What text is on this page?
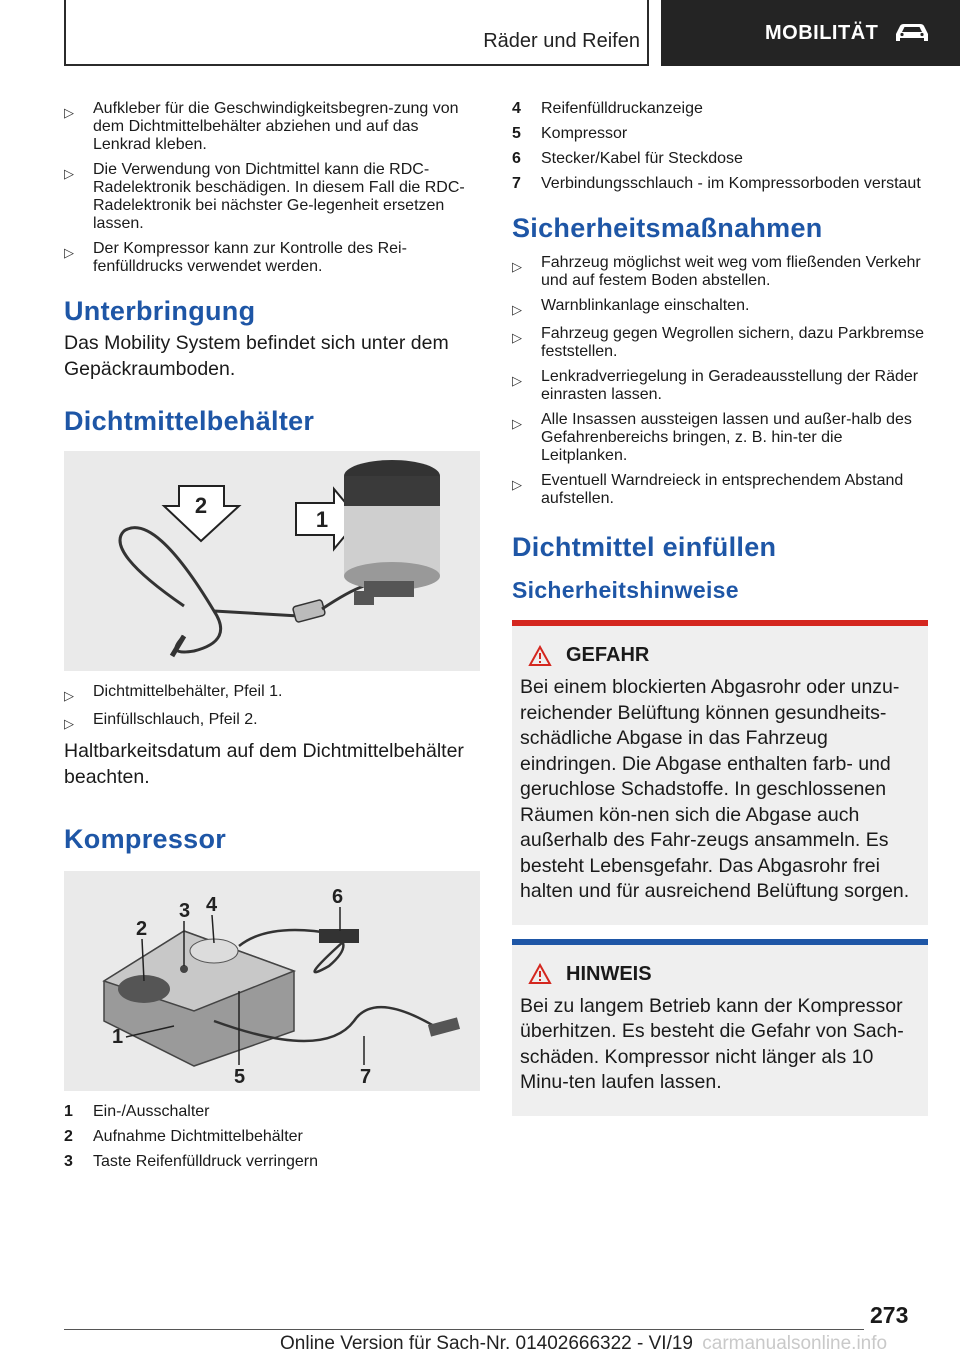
Räder und Reifen	MOBILITÄT
▷	Aufkleber für die Geschwindigkeitsbegren‐zung von dem Dichtmittelbehälter abziehen und auf das Lenkrad kleben.
▷	Die Verwendung von Dichtmittel kann die RDC-Radelektronik beschädigen. In diesem Fall die RDC-Radelektronik bei nächster Ge‐legenheit ersetzen lassen.
▷	Der Kompressor kann zur Kontrolle des Rei‐fenfülldrucks verwendet werden.
Unterbringung

Das Mobility System befindet sich unter dem Gepäckraumboden.

Dichtmittelbehälter
2
1
▷	Dichtmittelbehälter, Pfeil 1.
▷	Einfüllschlauch, Pfeil 2.

Haltbarkeitsdatum auf dem Dichtmittelbehälter beachten.

Kompressor
2
3 4	6
1
5	7
1	Ein-/Ausschalter
2	Aufnahme Dichtmittelbehälter
3	Taste Reifenfülldruck verringern
4	Reifenfülldruckanzeige
5	Kompressor
6	Stecker/Kabel für Steckdose
7	Verbindungsschlauch - im Kompressorboden verstaut
Sicherheitsmaßnahmen
▷	Fahrzeug möglichst weit weg vom fließenden Verkehr und auf festem Boden abstellen.
▷	Warnblinkanlage einschalten.
▷	Fahrzeug gegen Wegrollen sichern, dazu Parkbremse feststellen.
▷	Lenkradverriegelung in Geradeausstellung der Räder einrasten lassen.
▷	Alle Insassen aussteigen lassen und außer‐halb des Gefahrenbereichs bringen, z. B. hin‐ter die Leitplanken.
▷	Eventuell Warndreieck in entsprechendem Abstand aufstellen.
Dichtmittel einfüllen
Sicherheitshinweise
GEFAHR

Bei einem blockierten Abgasrohr oder unzu‐reichender Belüftung können gesundheits‐schädliche Abgase in das Fahrzeug eindringen. Die Abgase enthalten farb- und geruchlose Schadstoffe. In geschlossenen Räumen kön‐nen sich die Abgase auch außerhalb des Fahr‐zeugs ansammeln. Es besteht Lebensgefahr. Das Abgasrohr frei halten und für ausreichend Belüftung sorgen.

HINWEIS

Bei zu langem Betrieb kann der Kompressor überhitzen. Es besteht die Gefahr von Sach‐schäden. Kompressor nicht länger als 10 Minu‐ten laufen lassen.

273
Online Version für Sach-Nr. 01402666322 - VI/19 carmanualsonline.info
